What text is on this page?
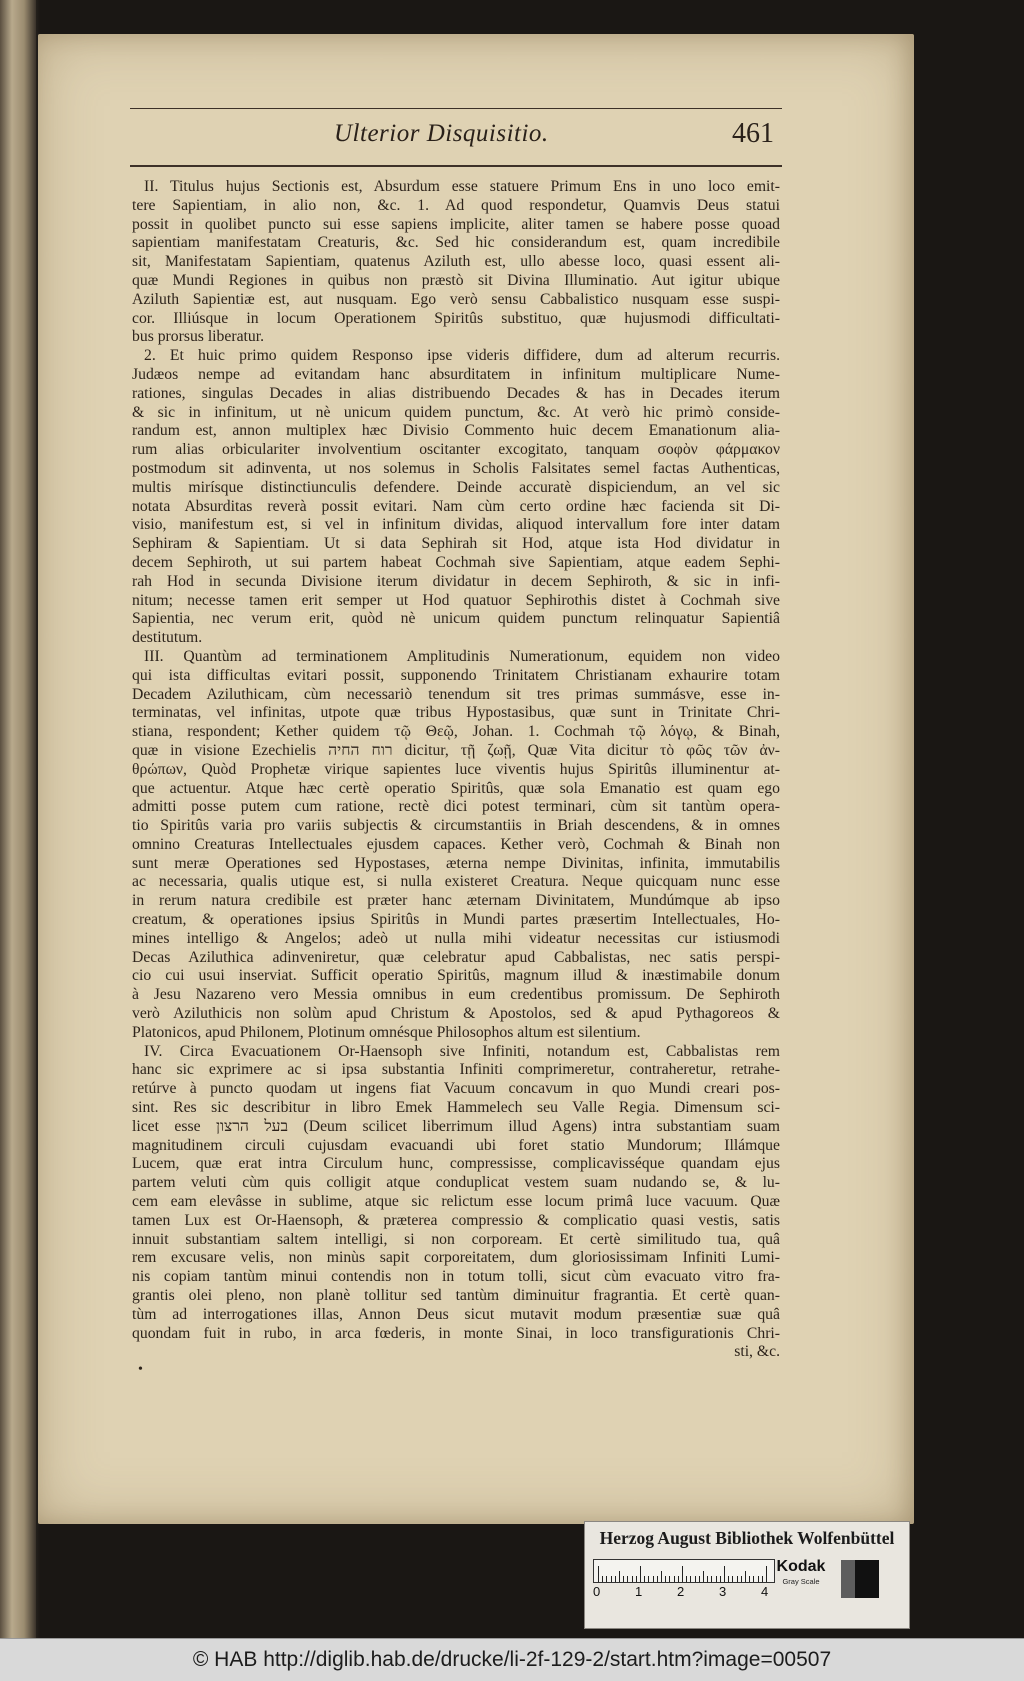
Ulterior Disquisitio.	461
II. Titulus hujus Sectionis est, Absurdum esse statuere Primum Ens in uno loco emit-
tere Sapientiam, in alio non, &c. 1. Ad quod respondetur, Quamvis Deus statui
possit in quolibet puncto sui esse sapiens implicite, aliter tamen se habere posse quoad
sapientiam manifestatam Creaturis, &c. Sed hic considerandum est, quam incredibile
sit, Manifestatam Sapientiam, quatenus Aziluth est, ullo abesse loco, quasi essent ali-
quæ Mundi Regiones in quibus non præstò sit Divina Illuminatio. Aut igitur ubique
Aziluth Sapientiæ est, aut nusquam. Ego verò sensu Cabbalistico nusquam esse suspi-
cor. Illiúsque in locum Operationem Spiritûs substituo, quæ hujusmodi difficultati-
bus prorsus liberatur.
2. Et huic primo quidem Responso ipse videris diffidere, dum ad alterum recurris.
Judæos nempe ad evitandam hanc absurditatem in infinitum multiplicare Nume-
rationes, singulas Decades in alias distribuendo Decades & has in Decades iterum
& sic in infinitum, ut nè unicum quidem punctum, &c. At verò hic primò conside-
randum est, annon multiplex hæc Divisio Commento huic decem Emanationum alia-
rum alias orbiculariter involventium oscitanter excogitato, tanquam σοφὸν φάρμακον
postmodum sit adinventa, ut nos solemus in Scholis Falsitates semel factas Authenticas,
multis mirísque distinctiunculis defendere. Deinde accuratè dispiciendum, an vel sic
notata Absurditas reverà possit evitari. Nam cùm certo ordine hæc facienda sit Di-
visio, manifestum est, si vel in infinitum dividas, aliquod intervallum fore inter datam
Sephiram & Sapientiam. Ut si data Sephirah sit Hod, atque ista Hod dividatur in
decem Sephiroth, ut sui partem habeat Cochmah sive Sapientiam, atque eadem Sephi-
rah Hod in secunda Divisione iterum dividatur in decem Sephiroth, & sic in infi-
nitum; necesse tamen erit semper ut Hod quatuor Sephirothis distet à Cochmah sive
Sapientia, nec verum erit, quòd nè unicum quidem punctum relinquatur Sapientiâ
destitutum.
III. Quantùm ad terminationem Amplitudinis Numerationum, equidem non video
qui ista difficultas evitari possit, supponendo Trinitatem Christianam exhaurire totam
Decadem Aziluthicam, cùm necessariò tenendum sit tres primas summásve, esse in-
terminatas, vel infinitas, utpote quæ tribus Hypostasibus, quæ sunt in Trinitate Chri-
stiana, respondent; Kether quidem τῷ Θεῷ, Johan. 1. Cochmah τῷ λόγῳ, & Binah,
quæ in visione Ezechielis רוח החיה dicitur, τῇ ζωῇ, Quæ Vita dicitur τὸ φῶς τῶν ἀν-
θρώπων, Quòd Prophetæ virique sapientes luce viventis hujus Spiritûs illuminentur at-
que actuentur. Atque hæc certè operatio Spiritûs, quæ sola Emanatio est quam ego
admitti posse putem cum ratione, rectè dici potest terminari, cùm sit tantùm opera-
tio Spiritûs varia pro variis subjectis & circumstantiis in Briah descendens, & in omnes
omnino Creaturas Intellectuales ejusdem capaces. Kether verò, Cochmah & Binah non
sunt meræ Operationes sed Hypostases, æterna nempe Divinitas, infinita, immutabilis
ac necessaria, qualis utique est, si nulla existeret Creatura. Neque quicquam nunc esse
in rerum natura credibile est præter hanc æternam Divinitatem, Mundúmque ab ipso
creatum, & operationes ipsius Spiritûs in Mundi partes præsertim Intellectuales, Ho-
mines intelligo & Angelos; adeò ut nulla mihi videatur necessitas cur istiusmodi
Decas Aziluthica adinveniretur, quæ celebratur apud Cabbalistas, nec satis perspi-
cio cui usui inserviat. Sufficit operatio Spiritûs, magnum illud & inæstimabile donum
à Jesu Nazareno vero Messia omnibus in eum credentibus promissum. De Sephiroth
verò Aziluthicis non solùm apud Christum & Apostolos, sed & apud Pythagoreos &
Platonicos, apud Philonem, Plotinum omnésque Philosophos altum est silentium.
IV. Circa Evacuationem Or-Haensoph sive Infiniti, notandum est, Cabbalistas rem
hanc sic exprimere ac si ipsa substantia Infiniti comprimeretur, contraheretur, retrahe-
retúrve à puncto quodam ut ingens fiat Vacuum concavum in quo Mundi creari pos-
sint. Res sic describitur in libro Emek Hammelech seu Valle Regia. Dimensum sci-
licet esse בעל הרצון (Deum scilicet liberrimum illud Agens) intra substantiam suam
magnitudinem circuli cujusdam evacuandi ubi foret statio Mundorum; Illámque
Lucem, quæ erat intra Circulum hunc, compressisse, complicavisséque quandam ejus
partem veluti cùm quis colligit atque conduplicat vestem suam nudando se, & lu-
cem eam elevâsse in sublime, atque sic relictum esse locum primâ luce vacuum. Quæ
tamen Lux est Or-Haensoph, & præterea compressio & complicatio quasi vestis, satis
innuit substantiam saltem intelligi, si non corpoream. Et certè similitudo tua, quâ
rem excusare velis, non minùs sapit corporeitatem, dum gloriosissimam Infiniti Lumi-
nis copiam tantùm minui contendis non in totum tolli, sicut cùm evacuato vitro fra-
grantis olei pleno, non planè tollitur sed tantùm diminuitur fragrantia. Et certè quan-
tùm ad interrogationes illas, Annon Deus sicut mutavit modum præsentiæ suæ quâ
quondam fuit in rubo, in arca fœderis, in monte Sinai, in loco transfigurationis Chri-
sti, &c.
•
Herzog August Bibliothek Wolfenbüttel
0	1	2	3	4
Kodak
Gray Scale
© HAB http://diglib.hab.de/drucke/li-2f-129-2/start.htm?image=00507
